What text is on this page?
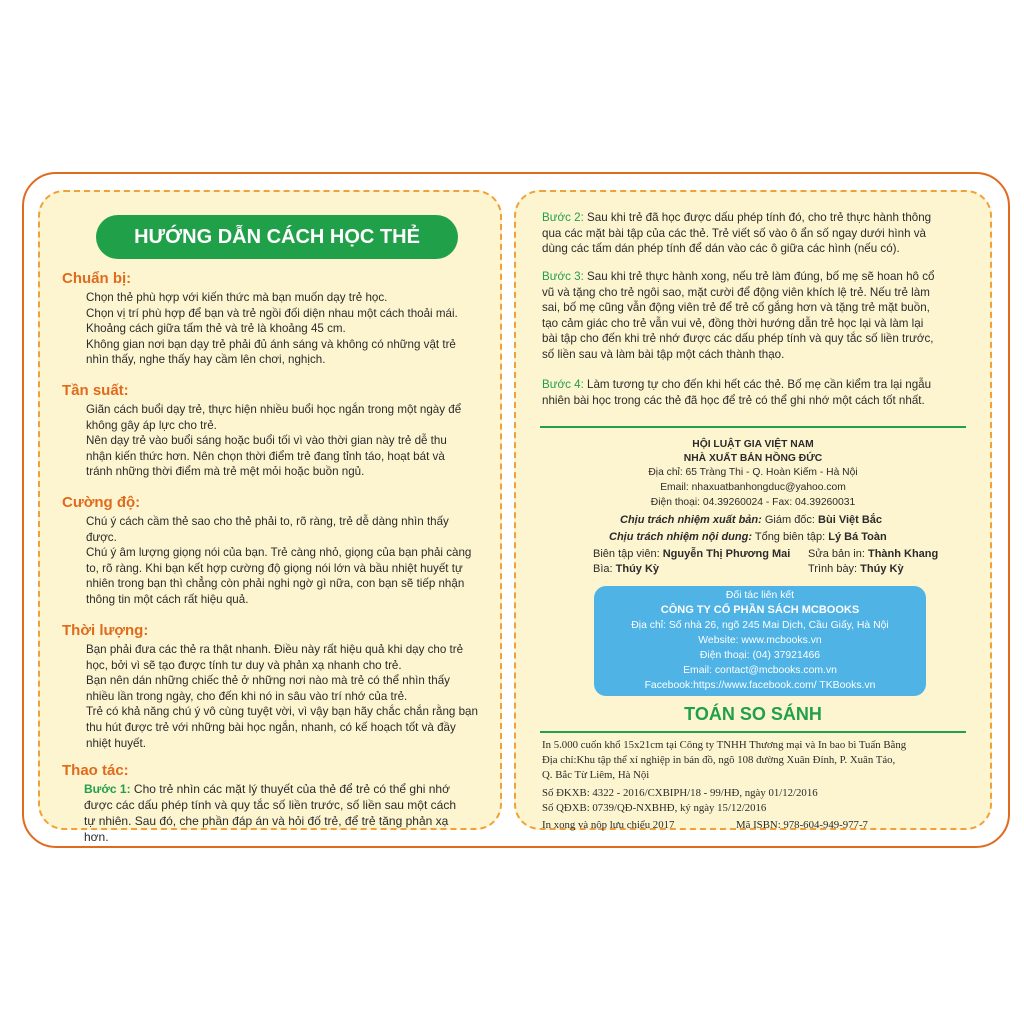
HƯỚNG DẪN CÁCH HỌC THẺ
Chuẩn bị:

Chọn thẻ phù hợp với kiến thức mà bạn muốn dạy trẻ học.

Chọn vị trí phù hợp để bạn và trẻ ngồi đối diện nhau một cách thoải mái.

Khoảng cách giữa tấm thẻ và trẻ là khoảng 45 cm.

Không gian nơi bạn dạy trẻ phải đủ ánh sáng và không có những vật trẻ

nhìn thấy, nghe thấy hay cầm lên chơi, nghịch.

Tần suất:

Giãn cách buổi dạy trẻ, thực hiện nhiều buổi học ngắn trong một ngày để

không gây áp lực cho trẻ.

Nên dạy trẻ vào buổi sáng hoặc buổi tối vì vào thời gian này trẻ dễ thu

nhận kiến thức hơn. Nên chọn thời điểm trẻ đang tỉnh táo, hoạt bát và

tránh những thời điểm mà trẻ mệt mỏi hoặc buồn ngủ.

Cường độ:

Chú ý cách cầm thẻ sao cho thẻ phải to, rõ ràng, trẻ dễ dàng nhìn thấy

được.

Chú ý âm lượng giọng nói của bạn. Trẻ càng nhỏ, giọng của bạn phải càng

to, rõ ràng. Khi bạn kết hợp cường độ giọng nói lớn và bầu nhiệt huyết tự

nhiên trong bạn thì chẳng còn phải nghi ngờ gì nữa, con bạn sẽ tiếp nhận

thông tin một cách rất hiệu quả.

Thời lượng:

Bạn phải đưa các thẻ ra thật nhanh. Điều này rất hiệu quả khi dạy cho trẻ

học, bởi vì sẽ tạo được tính tư duy và phản xạ nhanh cho trẻ.

Bạn nên dán những chiếc thẻ ở những nơi nào mà trẻ có thể nhìn thấy

nhiều lần trong ngày, cho đến khi nó in sâu vào trí nhớ của trẻ.

Trẻ có khả năng chú ý vô cùng tuyệt vời, vì vậy bạn hãy chắc chắn rằng bạn

thu hút được trẻ với những bài học ngắn, nhanh, có kế hoạch tốt và đầy

nhiệt huyết.

Thao tác:

Bước 1: Cho trẻ nhìn các mặt lý thuyết của thẻ để trẻ có thể ghi nhớ

được các dấu phép tính và quy tắc số liền trước, số liền sau một cách

tự nhiên. Sau đó, che phần đáp án và hỏi đố trẻ, để trẻ tăng phản xạ

hơn.

Bước 2: Sau khi trẻ đã học được dấu phép tính đó, cho trẻ thực hành thông

qua các mặt bài tập của các thẻ. Trẻ viết số vào ô ẩn số ngay dưới hình và

dùng các tấm dán phép tính để dán vào các ô giữa các hình (nếu có).

Bước 3: Sau khi trẻ thực hành xong, nếu trẻ làm đúng, bố mẹ sẽ hoan hô cổ

vũ và tặng cho trẻ ngôi sao, mặt cười để động viên khích lệ trẻ. Nếu trẻ làm

sai, bố mẹ cũng vẫn động viên trẻ để trẻ cố gắng hơn và tặng trẻ mặt buồn,

tạo cảm giác cho trẻ vẫn vui vẻ, đồng thời hướng dẫn trẻ học lại và làm lại

bài tập cho đến khi trẻ nhớ được các dấu phép tính và quy tắc số liền trước,

số liền sau và làm bài tập một cách thành thạo.

Bước 4: Làm tương tự cho đến khi hết các thẻ. Bố mẹ cần kiểm tra lại ngẫu

nhiên bài học trong các thẻ đã học để trẻ có thể ghi nhớ một cách tốt nhất.

HỘI LUẬT GIA VIỆT NAM
NHÀ XUẤT BẢN HỒNG ĐỨC
Địa chỉ: 65 Tràng Thi - Q. Hoàn Kiếm - Hà Nội
Email: nhaxuatbanhongduc@yahoo.com
Điện thoại: 04.39260024 - Fax: 04.39260031
Chịu trách nhiệm xuất bản: Giám đốc: Bùi Việt Bắc
Chịu trách nhiệm nội dung: Tổng biên tập: Lý Bá Toàn
Biên tập viên: Nguyễn Thị Phương Mai Sửa bản in: Thành Khang
Bìa: Thúy Kỳ	Trình bày: Thúy Kỳ

Đối tác liên kết

CÔNG TY CỔ PHẦN SÁCH MCBOOKS

Địa chỉ: Số nhà 26, ngõ 245 Mai Dịch, Cầu Giấy, Hà Nội

Website: www.mcbooks.vn

Điện thoại: (04) 37921466

Email: contact@mcbooks.com.vn

Facebook:https://www.facebook.com/ TKBooks.vn

TOÁN SO SÁNH
In 5.000 cuốn khổ 15x21cm tại Công ty TNHH Thương mại và In bao bì Tuấn Bằng
Địa chỉ:Khu tập thể xí nghiệp in bản đồ, ngõ 108 đường Xuân Đỉnh, P. Xuân Tảo,
Q. Bắc Từ Liêm, Hà Nội
Số ĐKXB: 4322 - 2016/CXBIPH/18 - 99/HĐ, ngày 01/12/2016
Số QĐXB: 0739/QĐ-NXBHĐ, ký ngày 15/12/2016
In xong và nộp lưu chiểu 2017	Mã ISBN: 978-604-949-977-7
